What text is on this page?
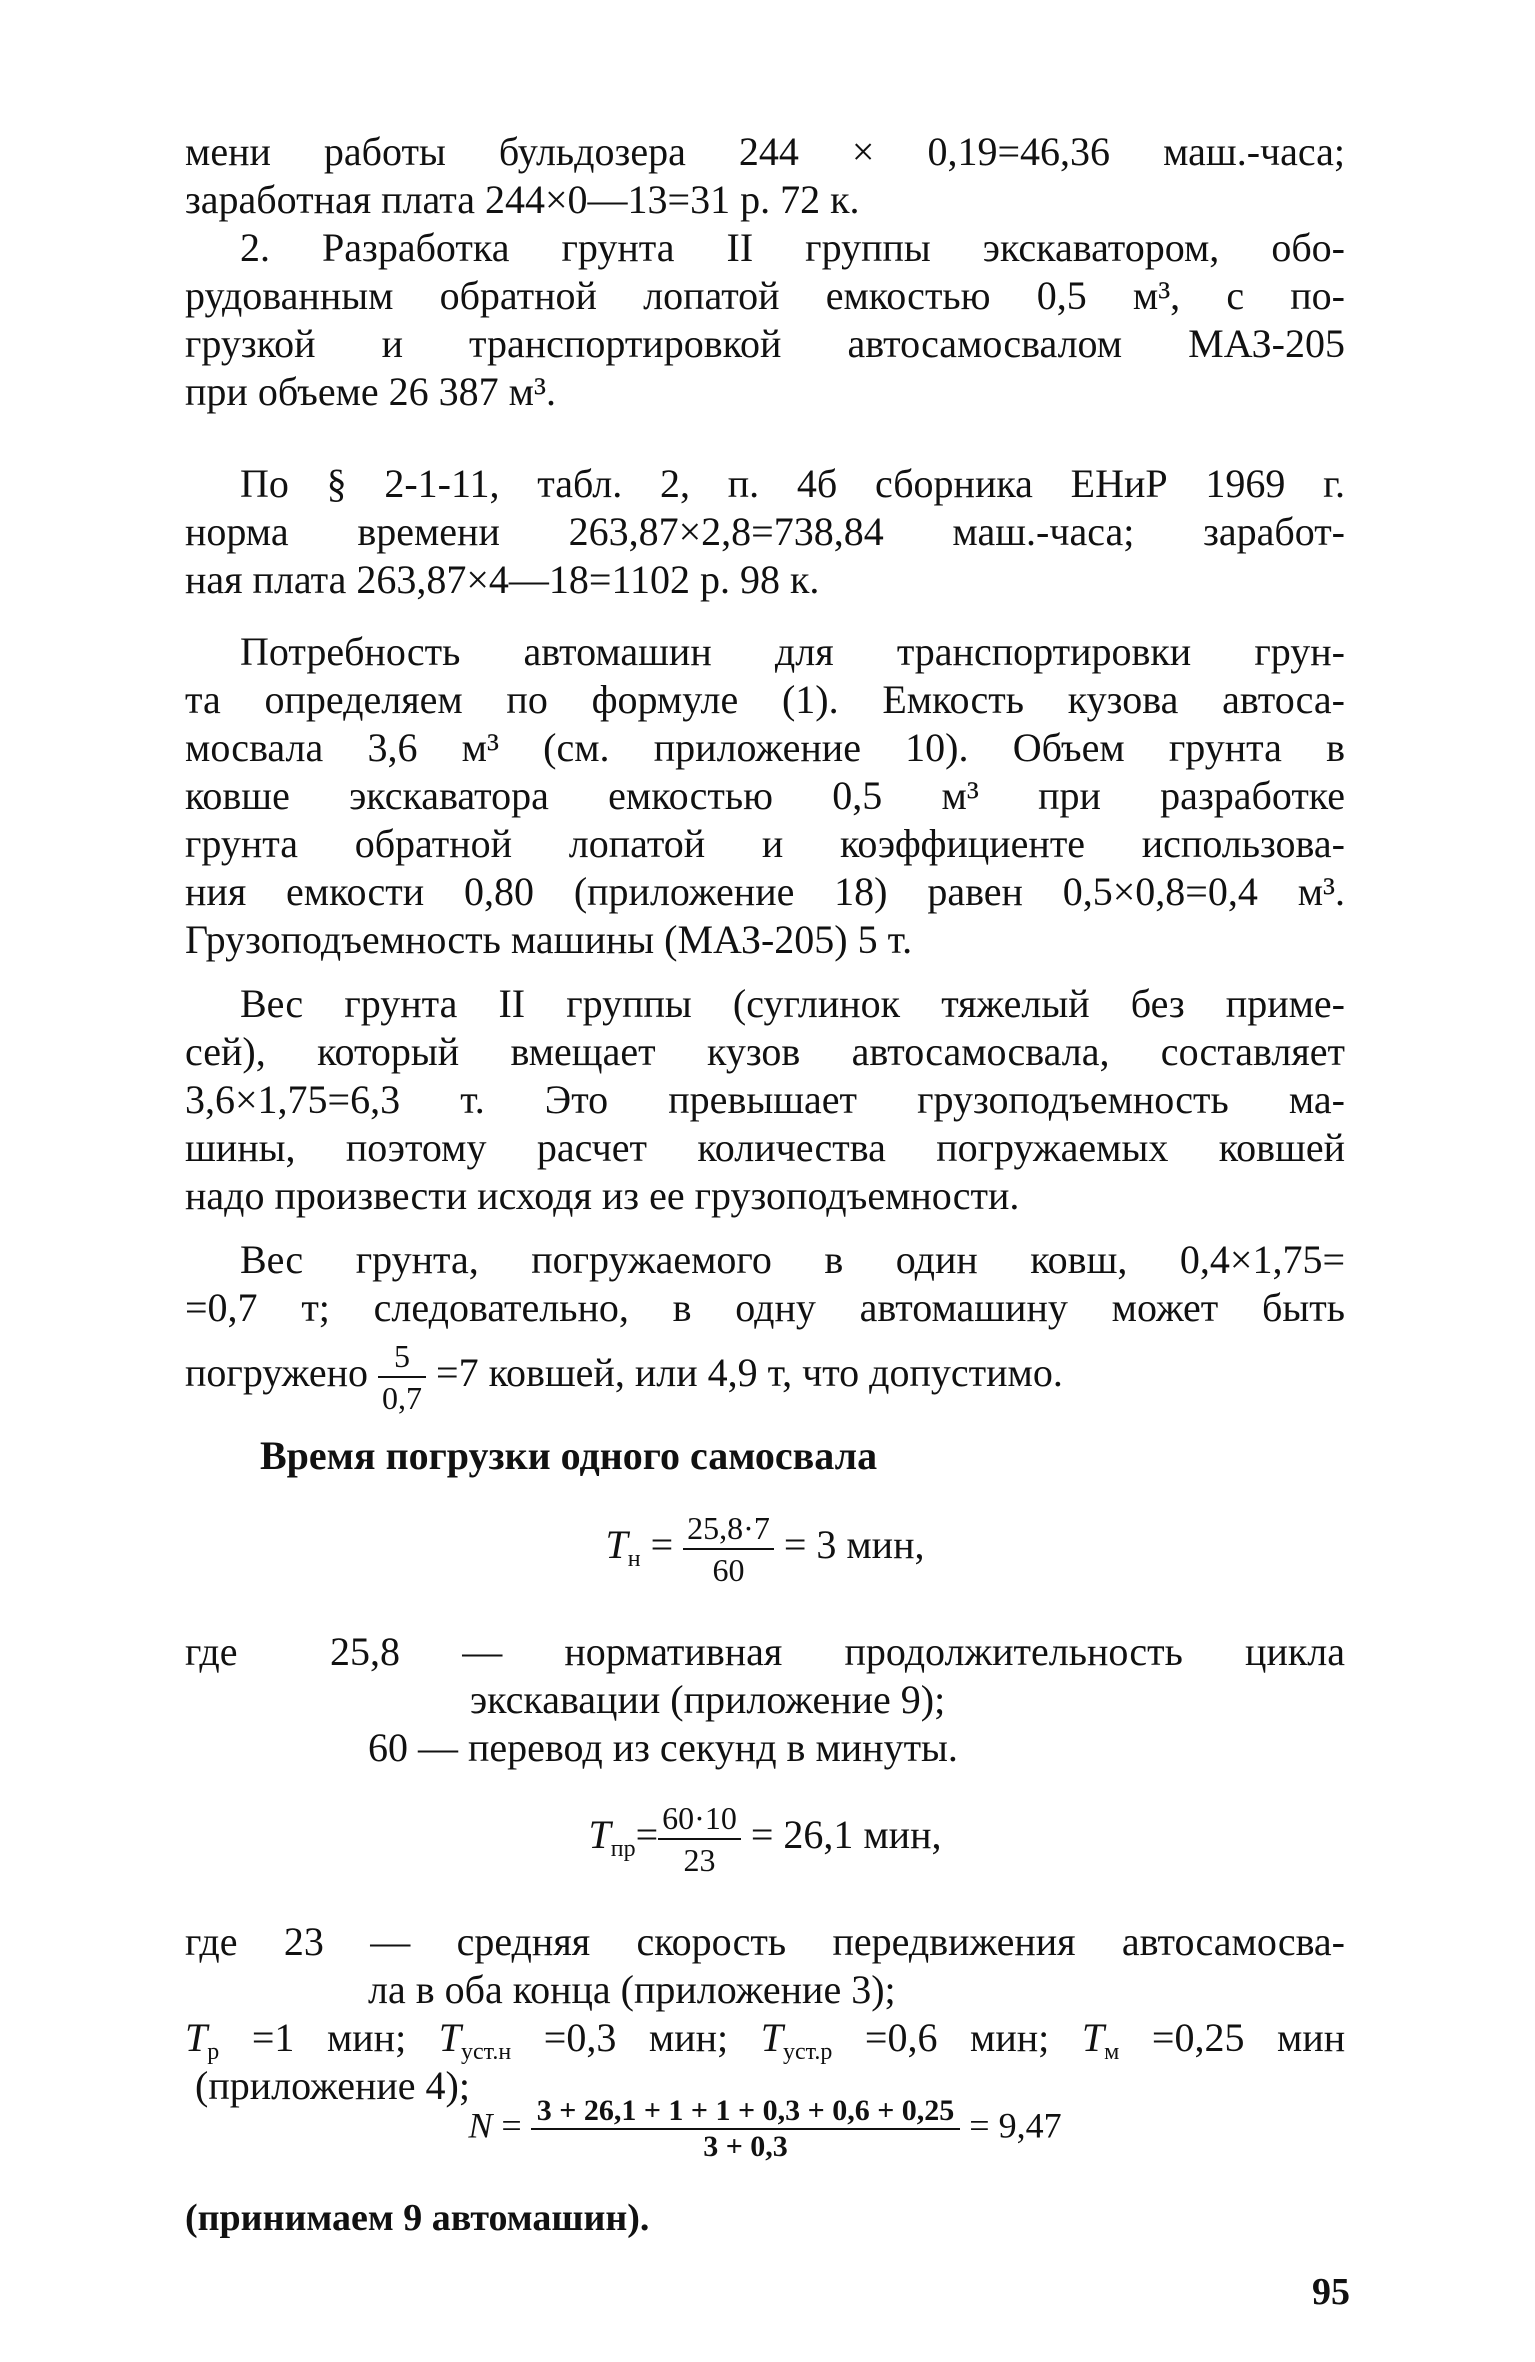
мени работы бульдозера 244 × 0,19=46,36 маш.-часа;
заработная плата 244×0—13=31 р. 72 к.
2. Разработка грунта II группы экскаватором, обо-
рудованным обратной лопатой емкостью 0,5 м³, с по-
грузкой и транспортировкой автосамосвалом МАЗ-205
при объеме 26 387 м³.
По § 2-1-11, табл. 2, п. 4б сборника ЕНиР 1969 г.
норма времени 263,87×2,8=738,84 маш.-часа; заработ-
ная плата 263,87×4—18=1102 р. 98 к.
Потребность автомашин для транспортировки грун-
та определяем по формуле (1). Емкость кузова автоса-
мосвала 3,6 м³ (см. приложение 10). Объем грунта в
ковше экскаватора емкостью 0,5 м³ при разработке
грунта обратной лопатой и коэффициенте использова-
ния емкости 0,80 (приложение 18) равен 0,5×0,8=0,4 м³.
Грузоподъемность машины (МАЗ-205) 5 т.
Вес грунта II группы (суглинок тяжелый без приме-
сей), который вмещает кузов автосамосвала, составляет
3,6×1,75=6,3 т. Это превышает грузоподъемность ма-
шины, поэтому расчет количества погружаемых ковшей
надо произвести исходя из ее грузоподъемности.
Вес грунта, погружаемого в один ковш, 0,4×1,75=
=0,7 т; следовательно, в одну автомашину может быть
погружено $\frac{5}{0,7} =7$ ковшей, или 4,9 т, что допустимо.
Время погрузки одного самосвала
$Т_н = \frac{25,8\cdot 7}{60} = 3$ мин,
где	25,8 — нормативная продолжительность цикла
экскавации (приложение 9);
60 — перевод из секунд в минуты.
$Т_{пр}= \frac{60\cdot 10}{23} = 26,1$ мин,
где 23 — средняя скорость передвижения автосамосва-
ла в оба конца (приложение 3);
$Т_р =1$ мин; $Т_{уст.н} =0,3$ мин; $Т_{уст.р} =0,6$ мин; $Т_м =0,25$ мин
(приложение 4);
95
$N = \frac{3 + 26,1 + 1 + 1 + 0,3 + 0,6 + 0,25}{3 + 0,3} = 9,47$
(принимаем 9 автомашин).
